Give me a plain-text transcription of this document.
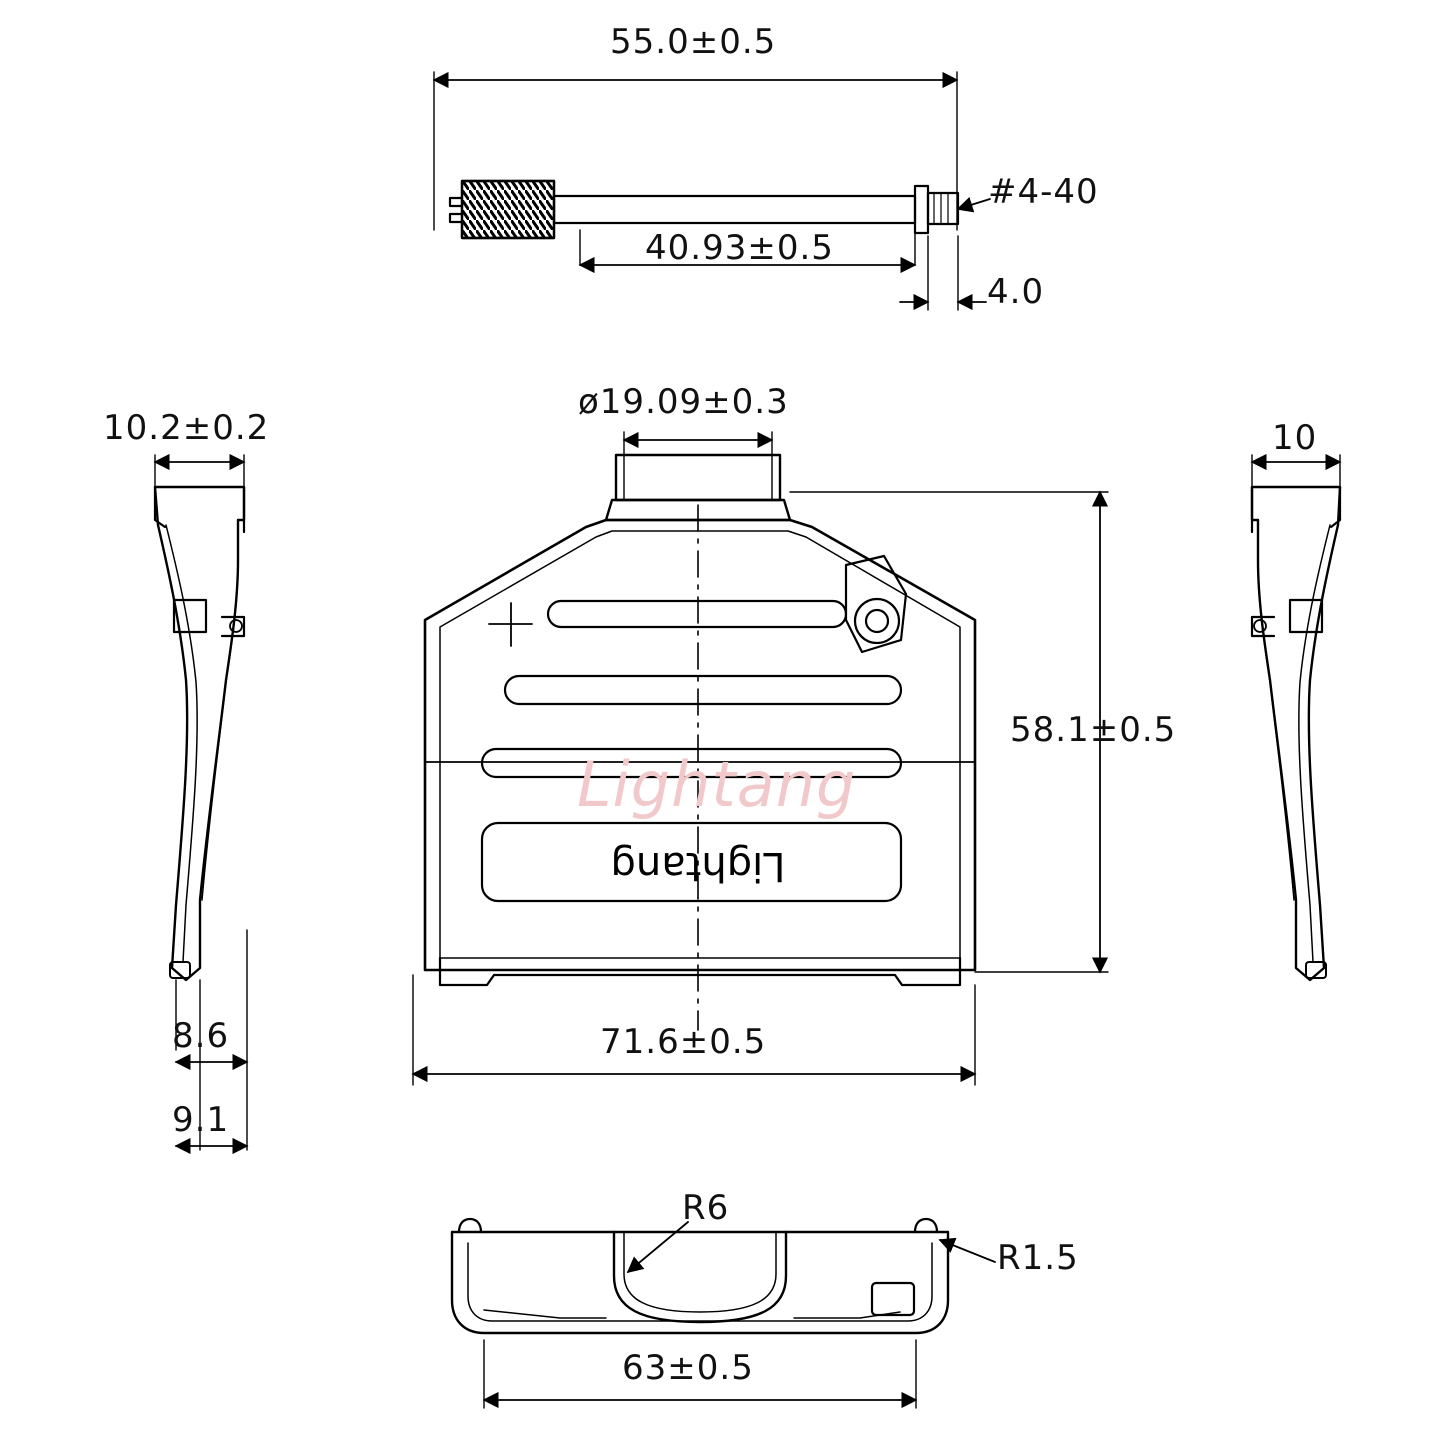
Lightang
Lightang
55.0±0.5
40.93±0.5
#4-40
4.0
ø19.09±0.3
58.1±0.5
71.6±0.5
10.2±0.2
8.6
9.1
10
R6
R1.5
63±0.5
